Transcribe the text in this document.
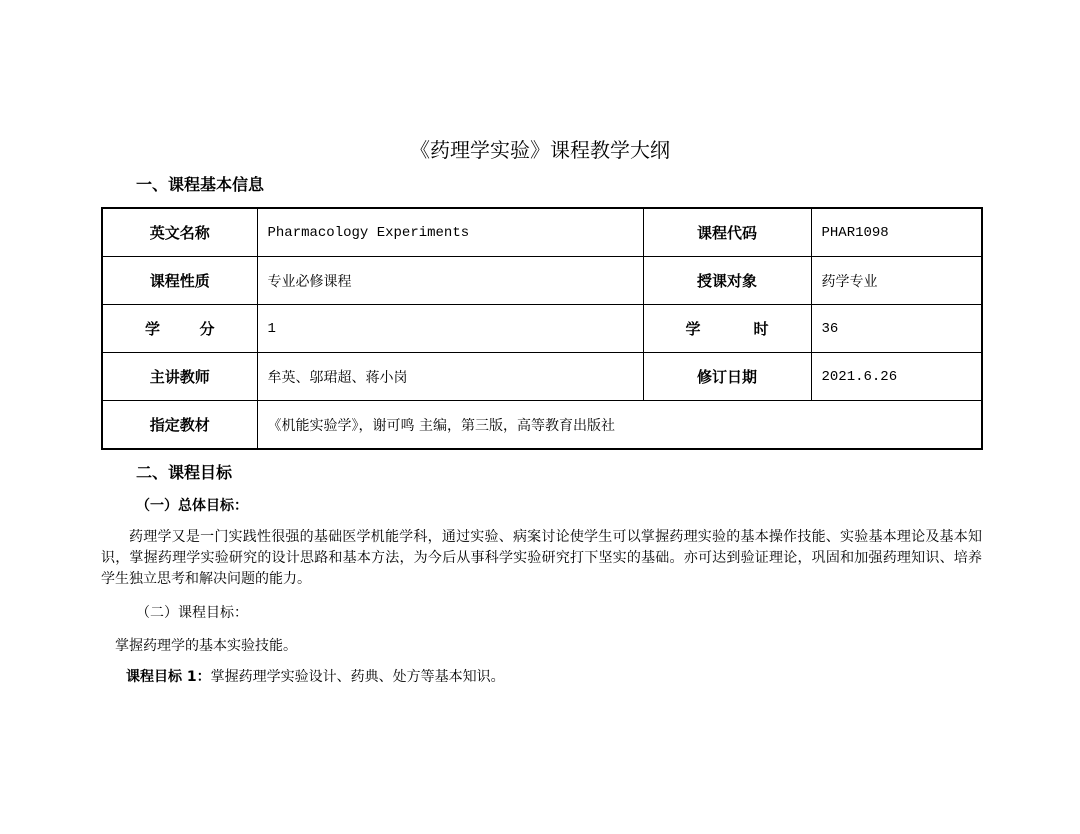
《药理学实验》课程教学大纲
一、课程基本信息
英文名称	Pharmacology Experiments	课程代码	PHAR1098
课程性质	专业必修课程	授课对象	药学专业

学 分	1	学 时	36
主讲教师	牟英、邬珺超、蒋小岗	修订日期	2021.6.26
指定教材	《机能实验学》，谢可鸣 主编，第三版，高等教育出版社		
二、课程目标
（一）总体目标：
药理学又是一门实践性很强的基础医学机能学科，通过实验、病案讨论使学生可以掌握药理实验的基本操作技能、实验基本理论及基本知识，掌握药理学实验研究的设计思路和基本方法，为今后从事科学实验研究打下坚实的基础。亦可达到验证理论，巩固和加强药理知识、培养学生独立思考和解决问题的能力。
（二）课程目标：
掌握药理学的基本实验技能。
课程目标 1：掌握药理学实验设计、药典、处方等基本知识。
